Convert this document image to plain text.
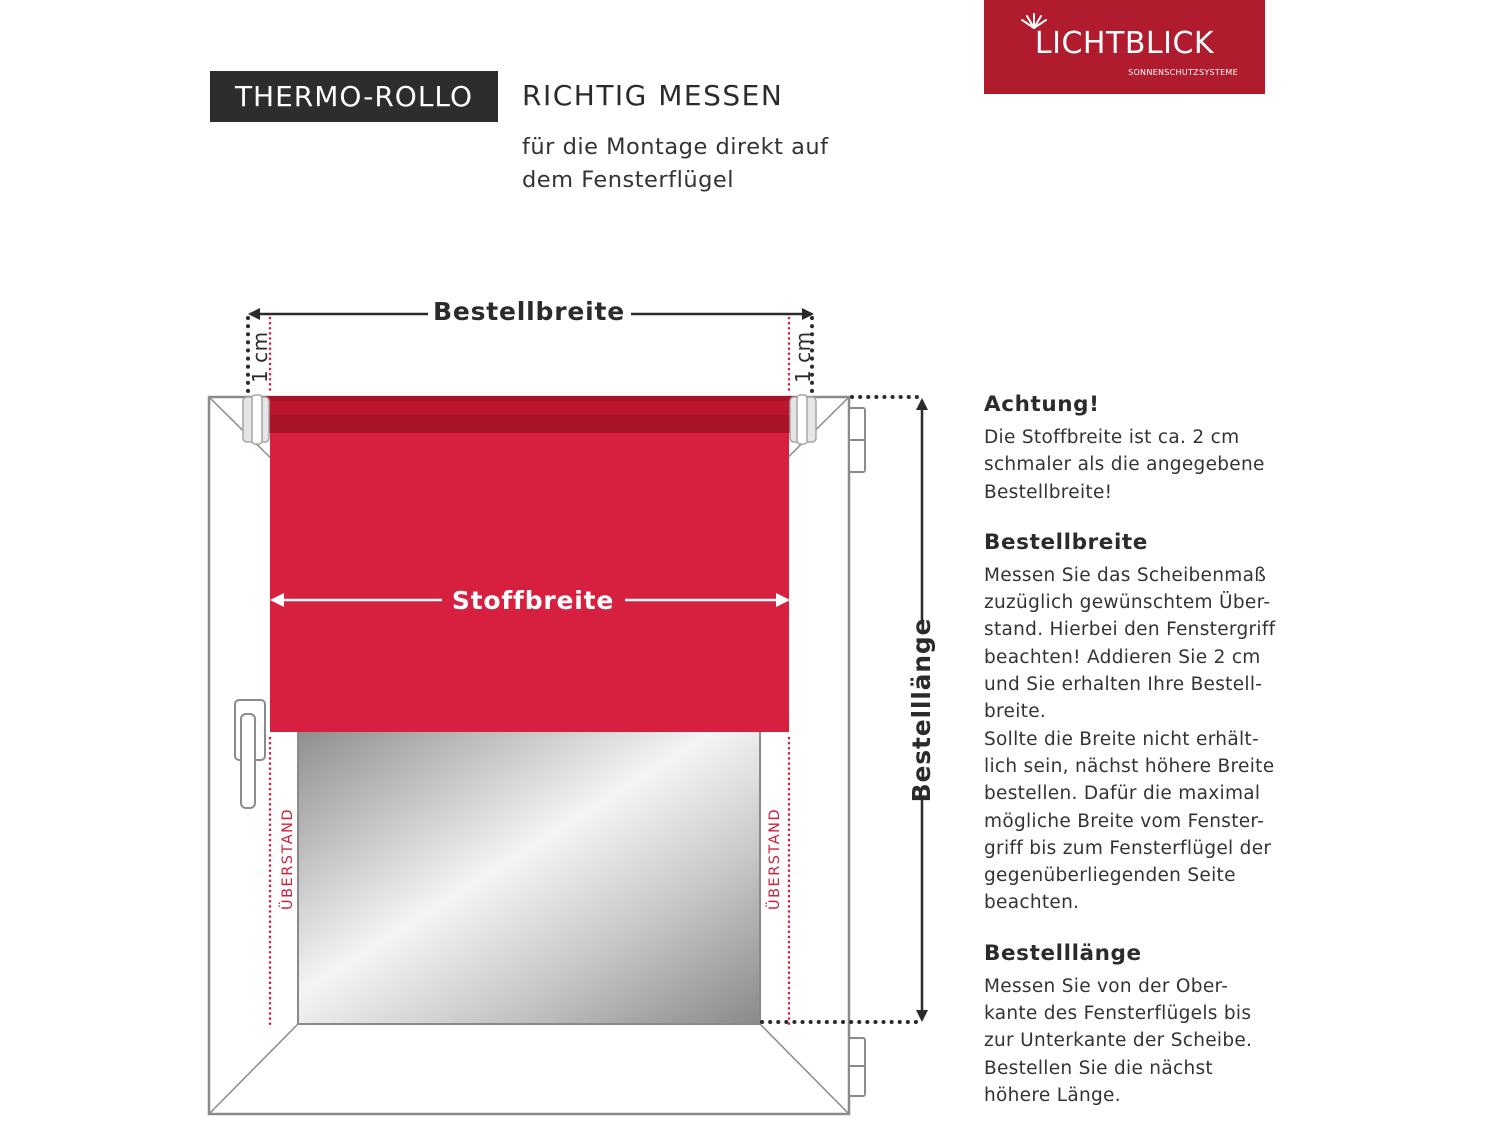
THERMO-ROLLO	RICHTIG MESSEN
für die Montage direkt auf
dem Fensterflügel
LICHTBLICK
SONNENSCHUTZSYSTEME
Bestellbreite
1 cm	1 cm
ÜBERSTAND	ÜBERSTAND
Stoffbreite
Bestelllänge
Achtung!

Die Stoffbreite ist ca. 2 cm
schmaler als die angegebene
Bestellbreite!

Bestellbreite

Messen Sie das Scheibenmaß
zuzüglich gewünschtem Über-
stand. Hierbei den Fenstergriff
beachten! Addieren Sie 2 cm
und Sie erhalten Ihre Bestell-
breite.
Sollte die Breite nicht erhält-
lich sein, nächst höhere Breite
bestellen. Dafür die maximal
mögliche Breite vom Fenster-
griff bis zum Fensterflügel der
gegenüberliegenden Seite
beachten.

Bestelllänge

Messen Sie von der Ober-
kante des Fensterflügels bis
zur Unterkante der Scheibe.
Bestellen Sie die nächst
höhere Länge.
